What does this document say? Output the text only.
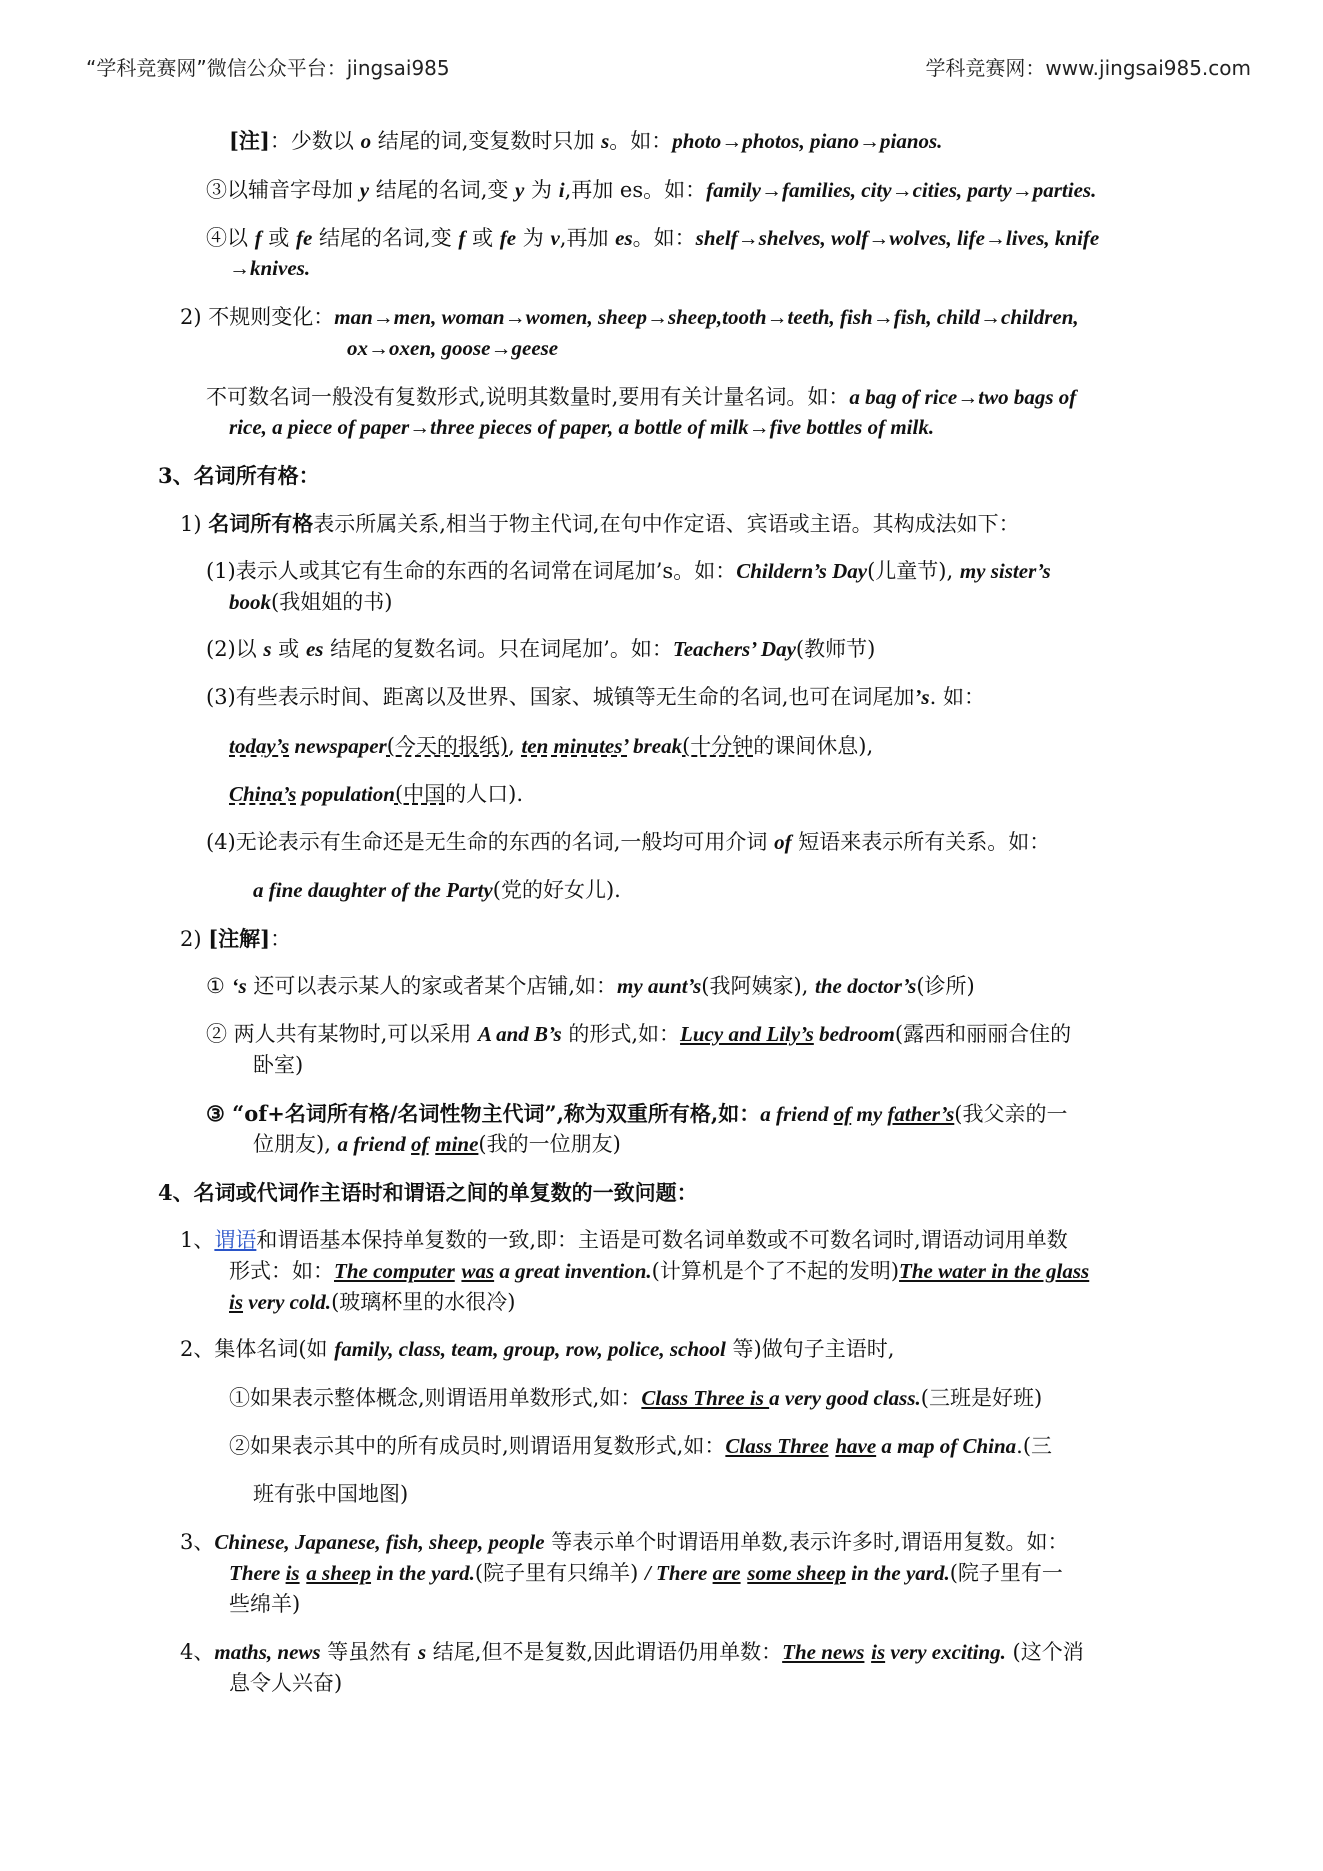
“学科竞赛网”微信公众平台：jingsai985	学科竞赛网：www.jingsai985.com
[注]：少数以 o 结尾的词,变复数时只加 s。如：photo→photos, piano→pianos.
③以辅音字母加 y 结尾的名词,变 y 为 i,再加 es。如：family→families, city→cities, party→parties.
④以 f 或 fe 结尾的名词,变 f 或 fe 为 v,再加 es。如：shelf→shelves, wolf→wolves, life→lives, knife
→knives.
2) 不规则变化：man→men, woman→women, sheep→sheep,tooth→teeth, fish→fish, child→children,
ox→oxen, goose→geese
不可数名词一般没有复数形式,说明其数量时,要用有关计量名词。如：a bag of rice→two bags of
rice, a piece of paper→three pieces of paper, a bottle of milk→five bottles of milk.
3、名词所有格：
1) 名词所有格表示所属关系,相当于物主代词,在句中作定语、宾语或主语。其构成法如下：
(1)表示人或其它有生命的东西的名词常在词尾加’s。如：Childern’s Day(儿童节), my sister’s
book(我姐姐的书)
(2)以 s 或 es 结尾的复数名词。只在词尾加’。如：Teachers’ Day(教师节)
(3)有些表示时间、距离以及世界、国家、城镇等无生命的名词,也可在词尾加’s. 如：
today’s newspaper(今天的报纸), ten minutes’ break(十分钟的课间休息),
China’s population(中国的人口).
(4)无论表示有生命还是无生命的东西的名词,一般均可用介词 of 短语来表示所有关系。如：
a fine daughter of the Party(党的好女儿).
2) [注解]：
① ‘s 还可以表示某人的家或者某个店铺,如：my aunt’s(我阿姨家), the doctor’s(诊所)
② 两人共有某物时,可以采用 A and B’s 的形式,如：Lucy and Lily’s bedroom(露西和丽丽合住的
卧室)
③ “of+名词所有格/名词性物主代词”,称为双重所有格,如：a friend of my father’s(我父亲的一
位朋友), a friend of mine(我的一位朋友)
4、名词或代词作主语时和谓语之间的单复数的一致问题：
1、谓语和谓语基本保持单复数的一致,即：主语是可数名词单数或不可数名词时,谓语动词用单数
形式：如：The computer was a great invention.(计算机是个了不起的发明)The water in the glass
is very cold.(玻璃杯里的水很冷)
2、集体名词(如 family, class, team, group, row, police, school 等)做句子主语时,
①如果表示整体概念,则谓语用单数形式,如：Class Three is a very good class.(三班是好班)
②如果表示其中的所有成员时,则谓语用复数形式,如：Class Three have a map of China.(三
班有张中国地图)
3、Chinese, Japanese, fish, sheep, people 等表示单个时谓语用单数,表示许多时,谓语用复数。如：
There is a sheep in the yard.(院子里有只绵羊) / There are some sheep in the yard.(院子里有一
些绵羊)
4、maths, news 等虽然有 s 结尾,但不是复数,因此谓语仍用单数：The news is very exciting. (这个消
息令人兴奋)
